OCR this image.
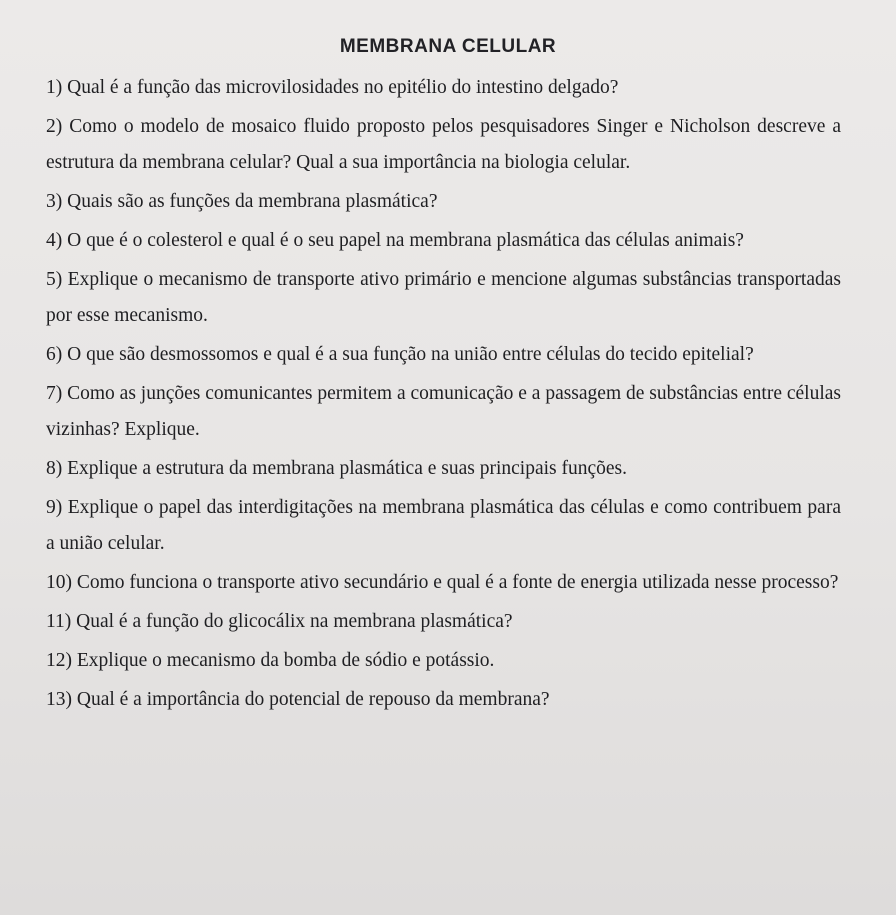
MEMBRANA CELULAR

1) Qual é a função das microvilosidades no epitélio do intestino delgado?

2) Como o modelo de mosaico fluido proposto pelos pesquisadores Singer e Nicholson descreve a estrutura da membrana celular? Qual a sua importância na biologia celular.

3) Quais são as funções da membrana plasmática?

4) O que é o colesterol e qual é o seu papel na membrana plasmática das células animais?

5) Explique o mecanismo de transporte ativo primário e mencione algumas substâncias transportadas por esse mecanismo.

6) O que são desmossomos e qual é a sua função na união entre células do tecido epitelial?

7) Como as junções comunicantes permitem a comunicação e a passagem de substâncias entre células vizinhas? Explique.

8) Explique a estrutura da membrana plasmática e suas principais funções.

9) Explique o papel das interdigitações na membrana plasmática das células e como contribuem para a união celular.

10) Como funciona o transporte ativo secundário e qual é a fonte de energia utilizada nesse processo?

11) Qual é a função do glicocálix na membrana plasmática?

12) Explique o mecanismo da bomba de sódio e potássio.

13) Qual é a importância do potencial de repouso da membrana?
